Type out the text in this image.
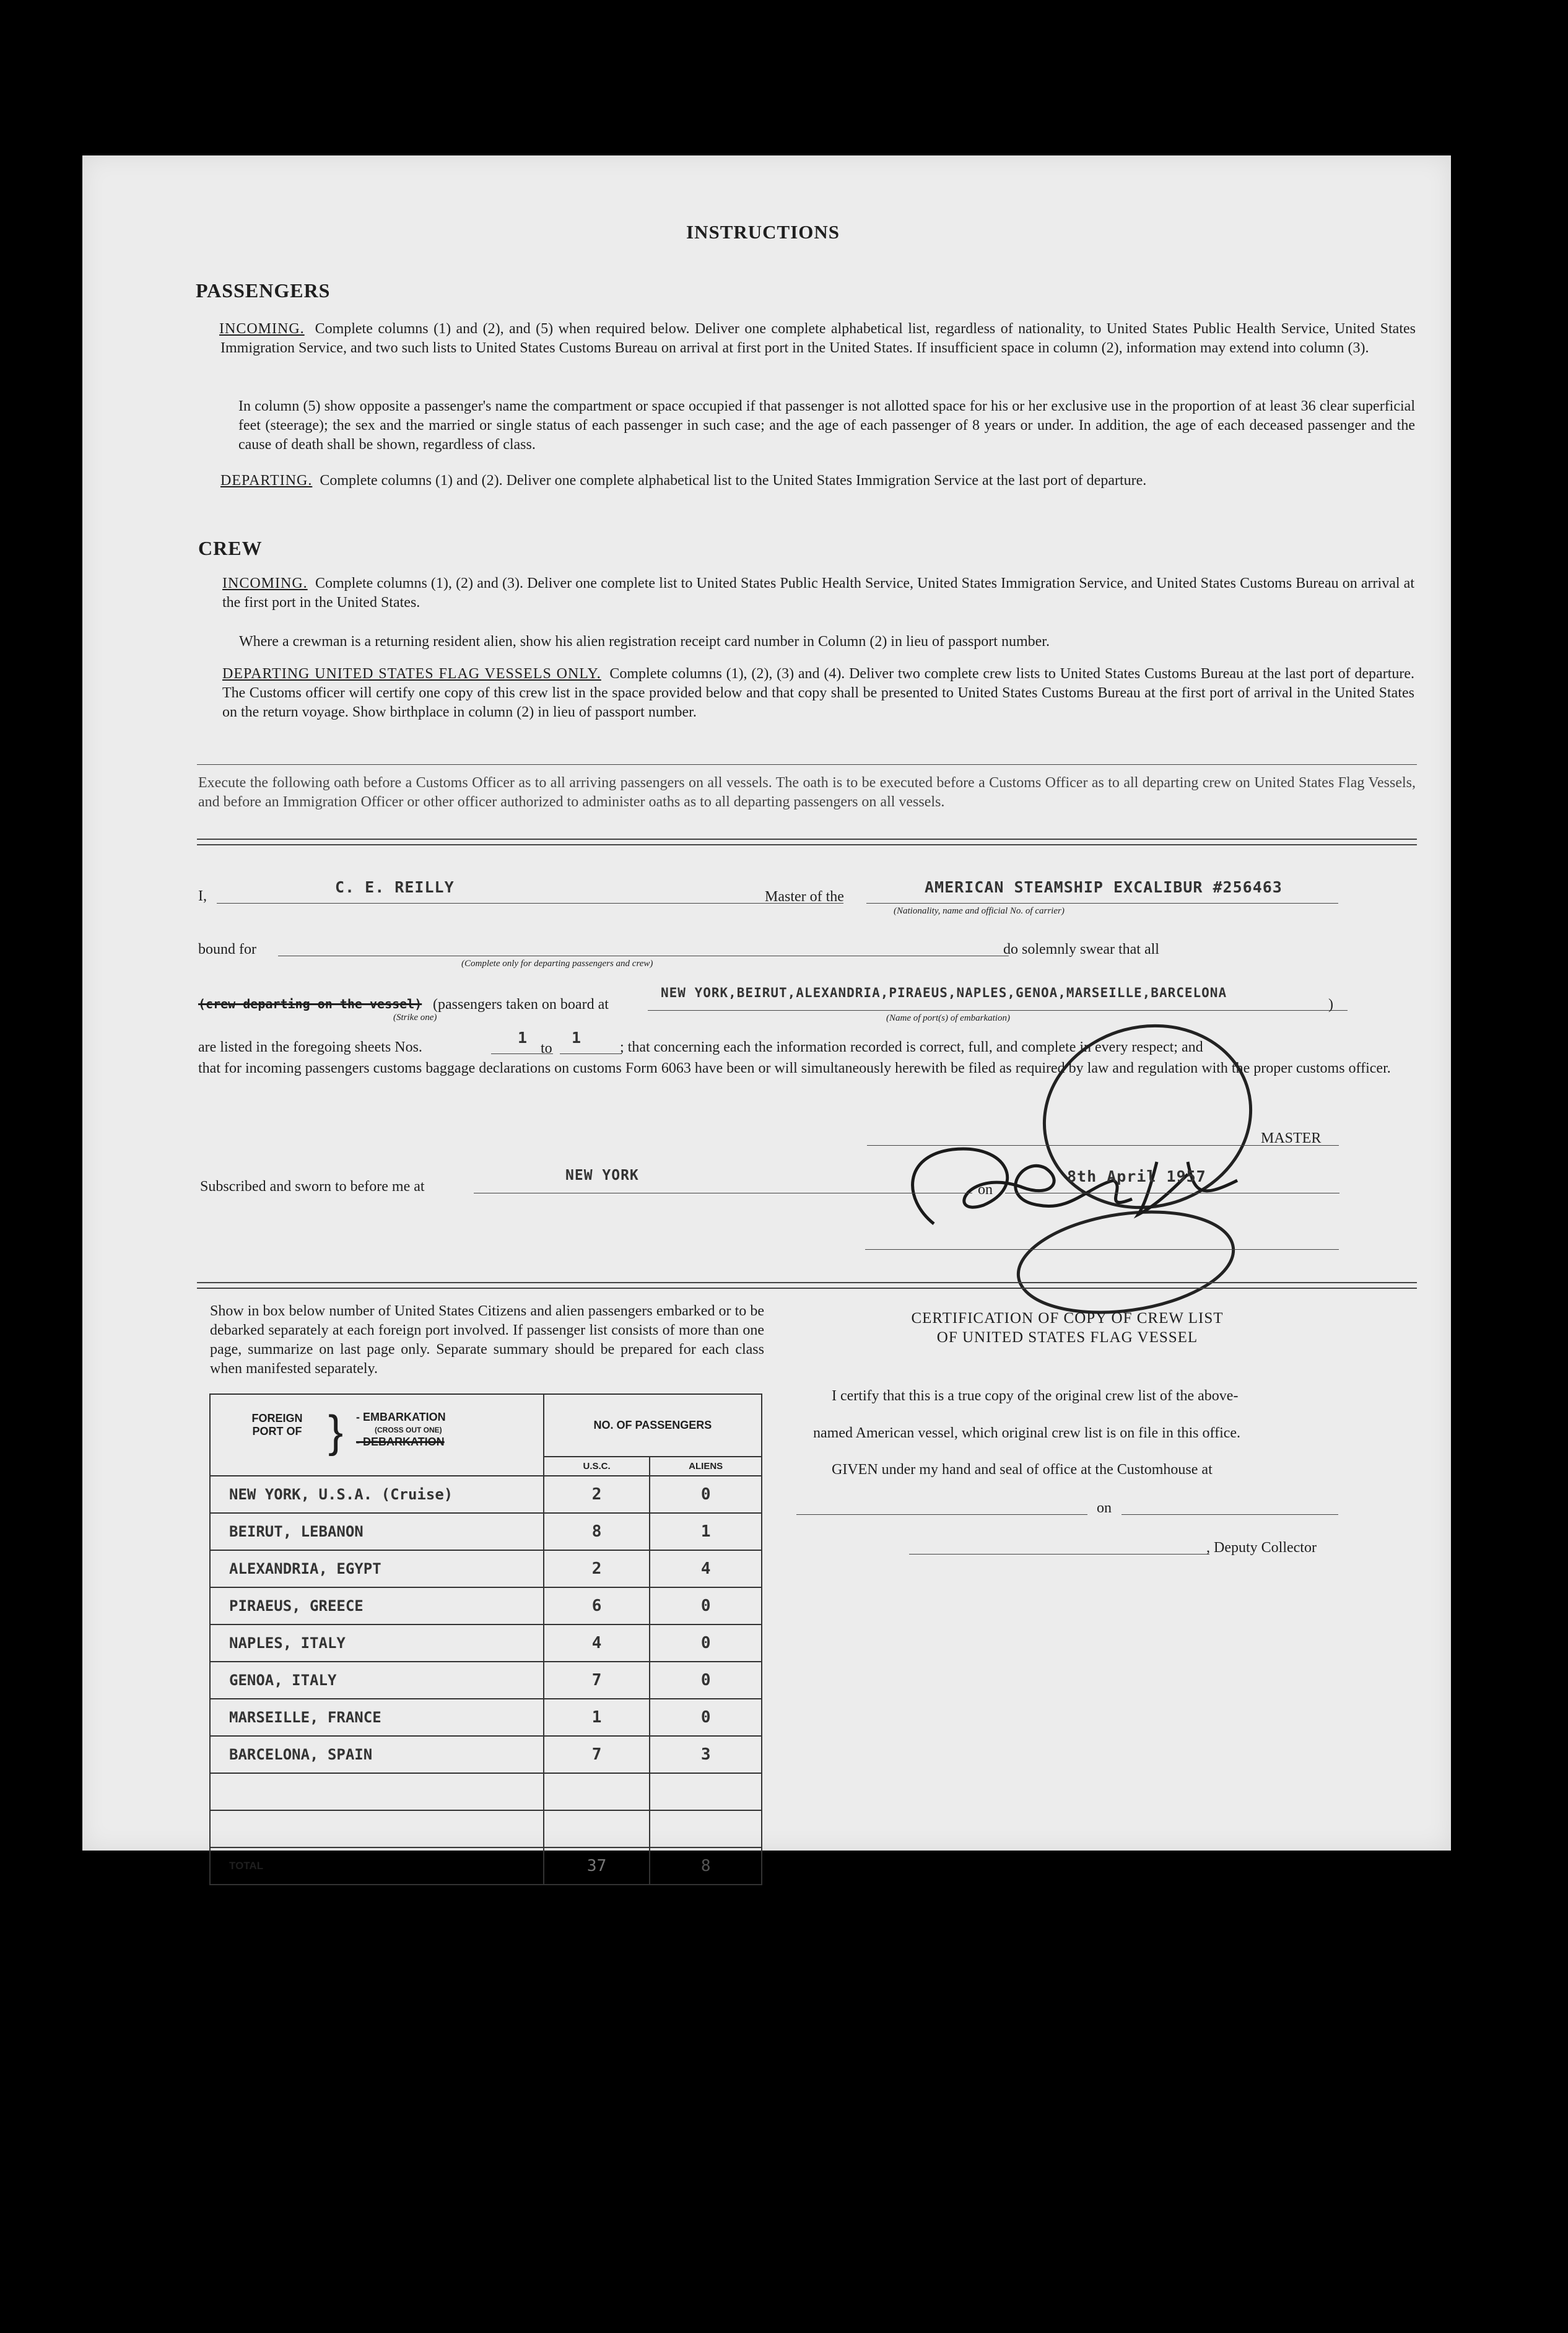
INSTRUCTIONS
PASSENGERS
INCOMING. Complete columns (1) and (2), and (5) when required below. Deliver one complete alphabetical list, regardless of nationality, to United States Public Health Service, United States Immigration Service, and two such lists to United States Customs Bureau on arrival at first port in the United States. If insufficient space in column (2), information may extend into column (3).
In column (5) show opposite a passenger's name the compartment or space occupied if that passenger is not allotted space for his or her exclusive use in the proportion of at least 36 clear superficial feet (steerage); the sex and the married or single status of each passenger in such case; and the age of each passenger of 8 years or under. In addition, the age of each deceased passenger and the cause of death shall be shown, regardless of class.
DEPARTING. Complete columns (1) and (2). Deliver one complete alphabetical list to the United States Immigration Service at the last port of departure.
CREW
INCOMING. Complete columns (1), (2) and (3). Deliver one complete list to United States Public Health Service, United States Immigration Service, and United States Customs Bureau on arrival at the first port in the United States.
Where a crewman is a returning resident alien, show his alien registration receipt card number in Column (2) in lieu of passport number.
DEPARTING UNITED STATES FLAG VESSELS ONLY. Complete columns (1), (2), (3) and (4). Deliver two complete crew lists to United States Customs Bureau at the last port of departure. The Customs officer will certify one copy of this crew list in the space provided below and that copy shall be presented to United States Customs Bureau at the first port of arrival in the United States on the return voyage. Show birthplace in column (2) in lieu of passport number.
Execute the following oath before a Customs Officer as to all arriving passengers on all vessels. The oath is to be executed before a Customs Officer as to all departing crew on United States Flag Vessels, and before an Immigration Officer or other officer authorized to administer oaths as to all departing passengers on all vessels.
I,	C. E. REILLY
Master of the
AMERICAN STEAMSHIP EXCALIBUR #256463
(Nationality, name and official No. of carrier)
bound for
(Complete only for departing passengers and crew)
do solemnly swear that all
(crew departing on the vessel)
(Strike one)
(passengers taken on board at
NEW YORK,BEIRUT,ALEXANDRIA,PIRAEUS,NAPLES,GENOA,MARSEILLE,BARCELONA
(Name of port(s) of embarkation)
)
are listed in the foregoing sheets Nos.
1
to
1
; that concerning each the information recorded is correct, full, and complete in every respect; and
that for incoming passengers customs baggage declarations on customs Form 6063 have been or will simultaneously herewith be filed as required by law and regulation with the proper customs officer.
MASTER
Subscribed and sworn to before me at
NEW YORK
on
8th April 1957
Show in box below number of United States Citizens and alien passengers embarked or to be debarked separately at each foreign port involved. If passenger list consists of more than one page, summarize on last page only. Separate summary should be prepared for each class when manifested separately.
FOREIGN PORT OF } - EMBARKATION
(CROSS OUT ONE)
- DEBARKATION	NO. OF PASSENGERS	
	U.S.C.	ALIENS
NEW YORK, U.S.A. (Cruise)	2	0
BEIRUT, LEBANON	8	1
ALEXANDRIA, EGYPT	2	4
PIRAEUS, GREECE	6	0
NAPLES, ITALY	4	0
GENOA, ITALY	7	0
MARSEILLE, FRANCE	1	0
BARCELONA, SPAIN	7	3

TOTAL	37	8
CERTIFICATION OF COPY OF CREW LIST
OF UNITED STATES FLAG VESSEL
I certify that this is a true copy of the original crew list of the above-
named American vessel, which original crew list is on file in this office.
GIVEN under my hand and seal of office at the Customhouse at
on
, Deputy Collector
